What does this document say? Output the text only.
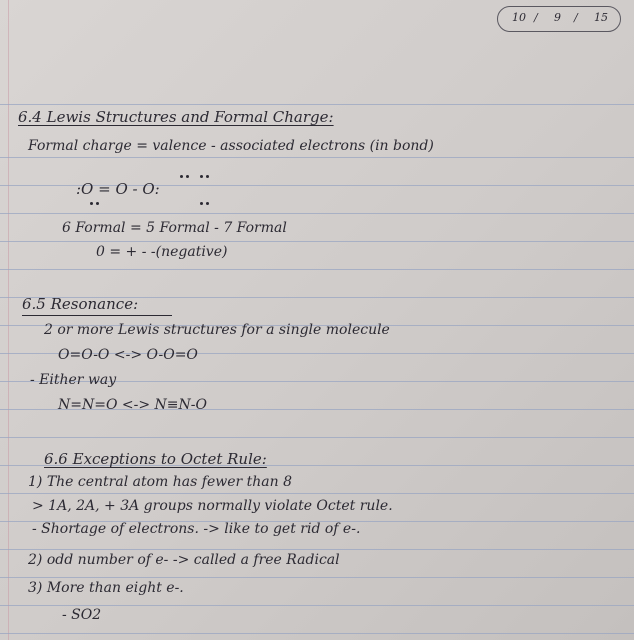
10 / 9 / 15
6.4 Lewis Structures and Formal Charge:
Formal charge = valence - associated electrons (in bond)
:O = O - O:
6 Formal = 5 Formal - 7 Formal
0 = + - -(negative)
6.5 Resonance:
2 or more Lewis structures for a single molecule
O=O-O <-> O-O=O
- Either way
N=N=O <-> N≡N-O
6.6 Exceptions to Octet Rule:
1) The central atom has fewer than 8
> 1A, 2A, + 3A groups normally violate Octet rule.
- Shortage of electrons. -> like to get rid of e-.
2) odd number of e- -> called a free Radical
3) More than eight e-.
- SO2
